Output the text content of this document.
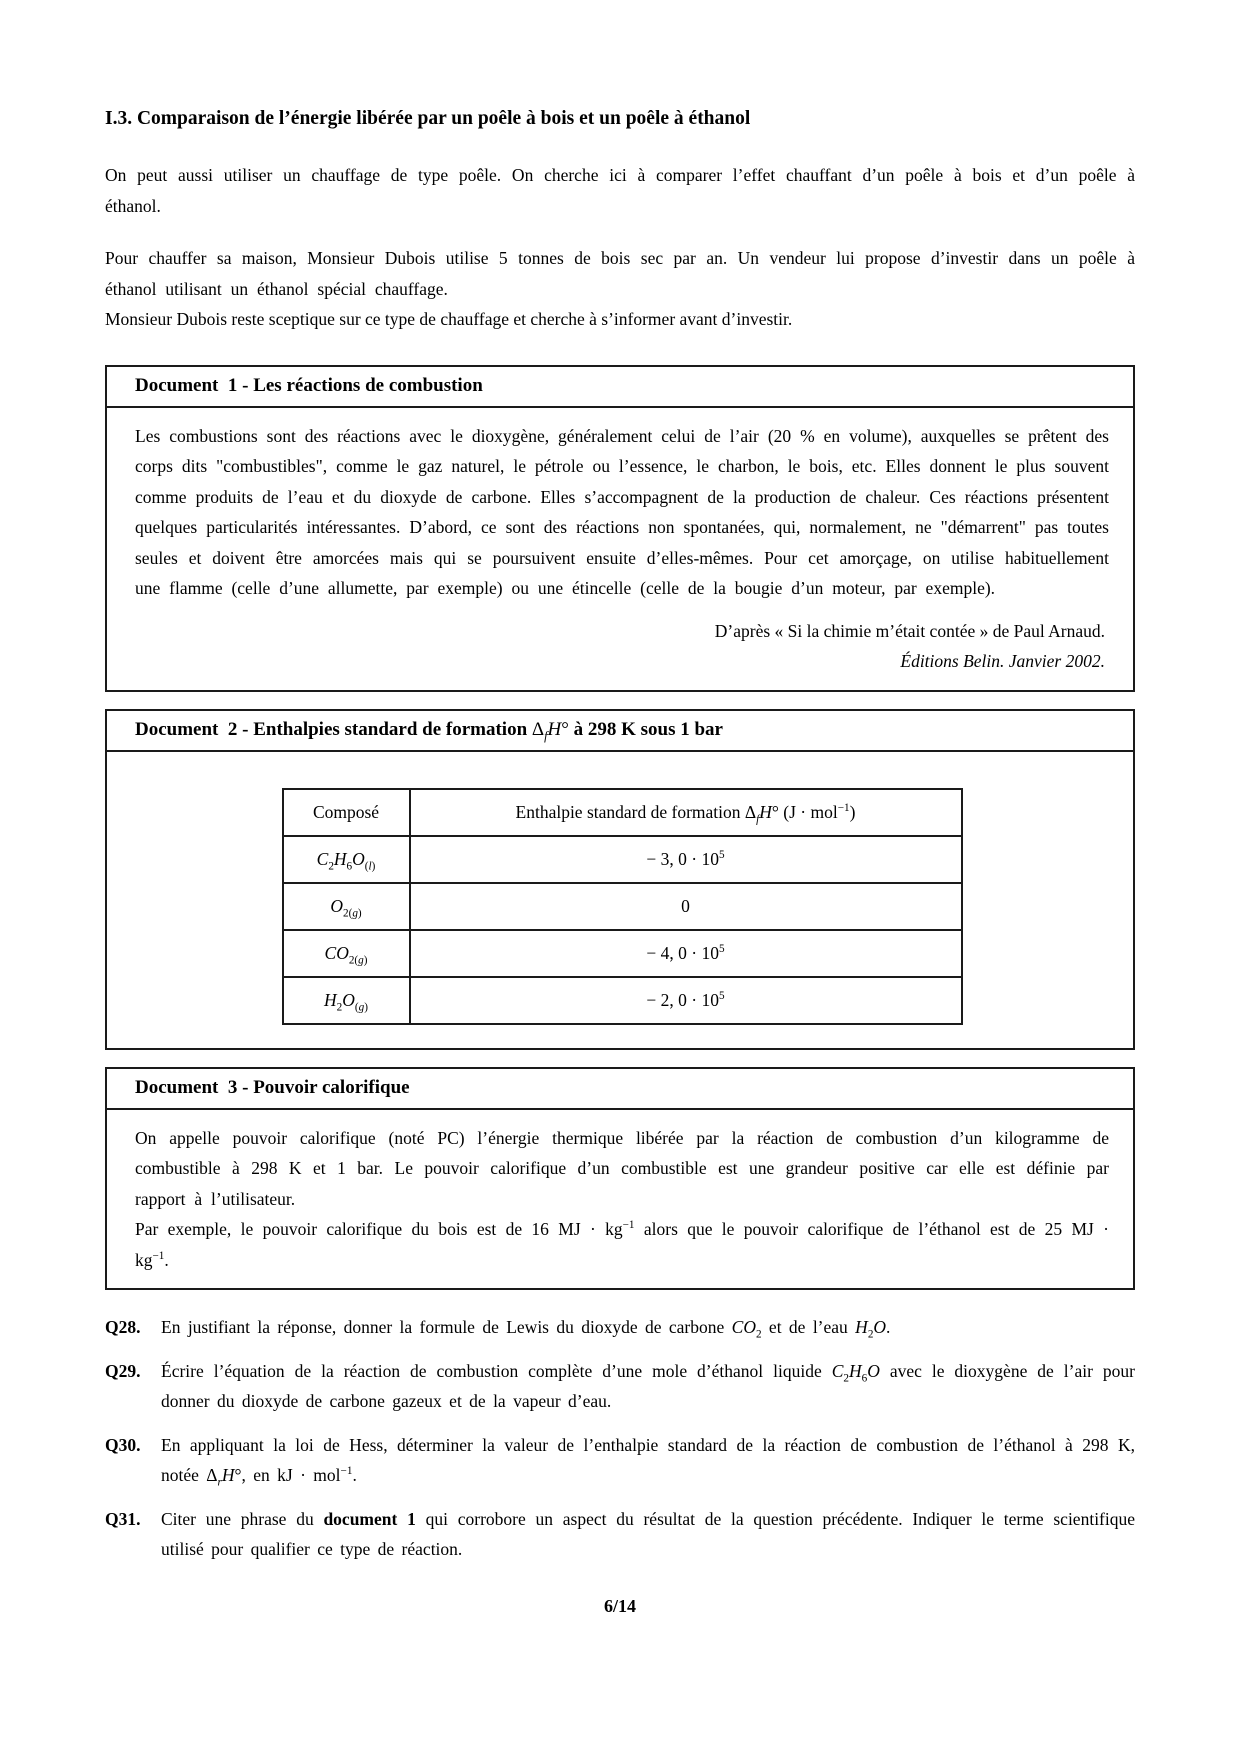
I.3. Comparaison de l’énergie libérée par un poêle à bois et un poêle à éthanol

On peut aussi utiliser un chauffage de type poêle. On cherche ici à comparer l’effet chauffant d’un poêle à bois et d’un poêle à éthanol.

Pour chauffer sa maison, Monsieur Dubois utilise 5 tonnes de bois sec par an. Un vendeur lui propose d’investir dans un poêle à éthanol utilisant un éthanol spécial chauffage.

Monsieur Dubois reste sceptique sur ce type de chauffage et cherche à s’informer avant d’investir.

Document  1 - Les réactions de combustion

Les combustions sont des réactions avec le dioxygène, généralement celui de l’air (20 % en volume), auxquelles se prêtent des corps dits "combustibles", comme le gaz naturel, le pétrole ou l’essence, le charbon, le bois, etc. Elles donnent le plus souvent comme produits de l’eau et du dioxyde de carbone. Elles s’accompagnent de la production de chaleur. Ces réactions présentent quelques particularités intéressantes. D’abord, ce sont des réactions non spontanées, qui, normalement, ne "démarrent" pas toutes seules et doivent être amorcées mais qui se poursuivent ensuite d’elles-mêmes. Pour cet amorçage, on utilise habituellement une flamme (celle d’une allumette, par exemple) ou une étincelle (celle de la bougie d’un moteur, par exemple).

D’après « Si la chimie m’était contée » de Paul Arnaud.

Éditions Belin. Janvier 2002.

Document  2 - Enthalpies standard de formation $\Delta_fH^\circ$ à 298 K sous 1 bar
Composé	Enthalpie standard de formation $\Delta_fH^\circ$ (J · mol$^{-1}$)
$C_2H_6O_{(l)}$	− 3, $0 \cdot 10^5$
$O_{2(g)}$	0
$CO_{2(g)}$	− 4, $0 \cdot 10^5$
$H_2O_{(g)}$	− 2, $0 \cdot 10^5$
Document  3 - Pouvoir calorifique

On appelle pouvoir calorifique (noté PC) l’énergie thermique libérée par la réaction de combustion d’un kilogramme de combustible à 298 K et 1 bar. Le pouvoir calorifique d’un combustible est une grandeur positive car elle est définie par rapport à l’utilisateur.

Par exemple, le pouvoir calorifique du bois est de 16 MJ · $kg^{-1}$ alors que le pouvoir calorifique de l’éthanol est de 25 MJ · $kg^{-1}$.

Q28. En justifiant la réponse, donner la formule de Lewis du dioxyde de carbone $CO_2$ et de l’eau $H_2O$.
Q29. Écrire l’équation de la réaction de combustion complète d’une mole d’éthanol liquide $C_2H_6O$ avec le dioxygène de l’air pour donner du dioxyde de carbone gazeux et de la vapeur d’eau.
Q30. En appliquant la loi de Hess, déterminer la valeur de l’enthalpie standard de la réaction de combustion de l’éthanol à 298 K, notée $\Delta_rH^\circ$, en kJ · mol$^{-1}$.
Q31. Citer une phrase du document 1 qui corrobore un aspect du résultat de la question précédente. Indiquer le terme scientifique utilisé pour qualifier ce type de réaction.
6/14
